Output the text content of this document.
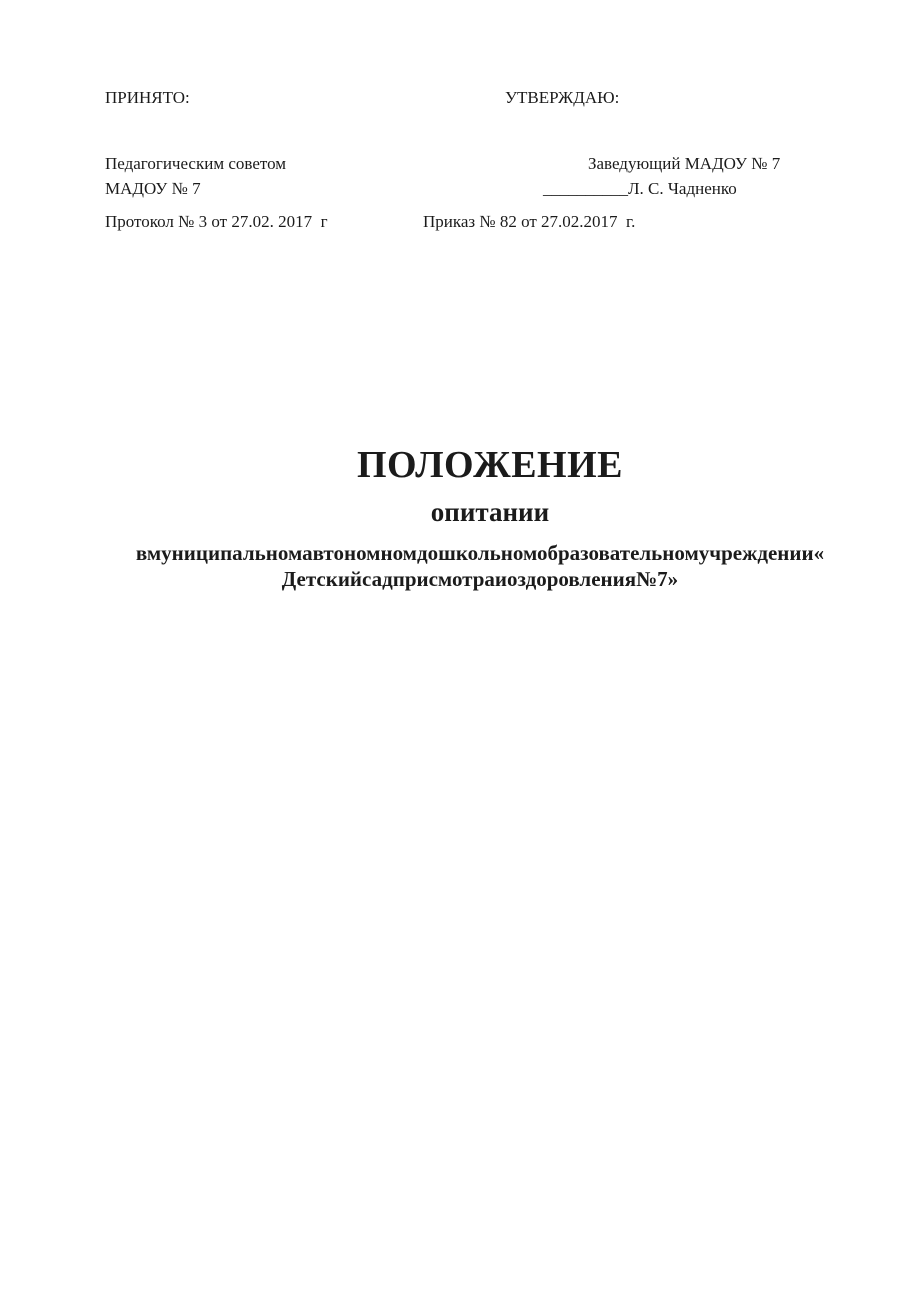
ПРИНЯТО:	УТВЕРЖДАЮ:
Педагогическим советом
МАДОУ № 7
Заведующий МАДОУ № 7
__________Л. С. Чадненко
Протокол № 3 от 27.02. 2017  г	Приказ № 82 от 27.02.2017  г.
ПОЛОЖЕНИЕ
опитании
вмуниципальномавтономномдошкольномобразовательномучреждении«
Детскийсадприсмотраиоздоровления№7»
